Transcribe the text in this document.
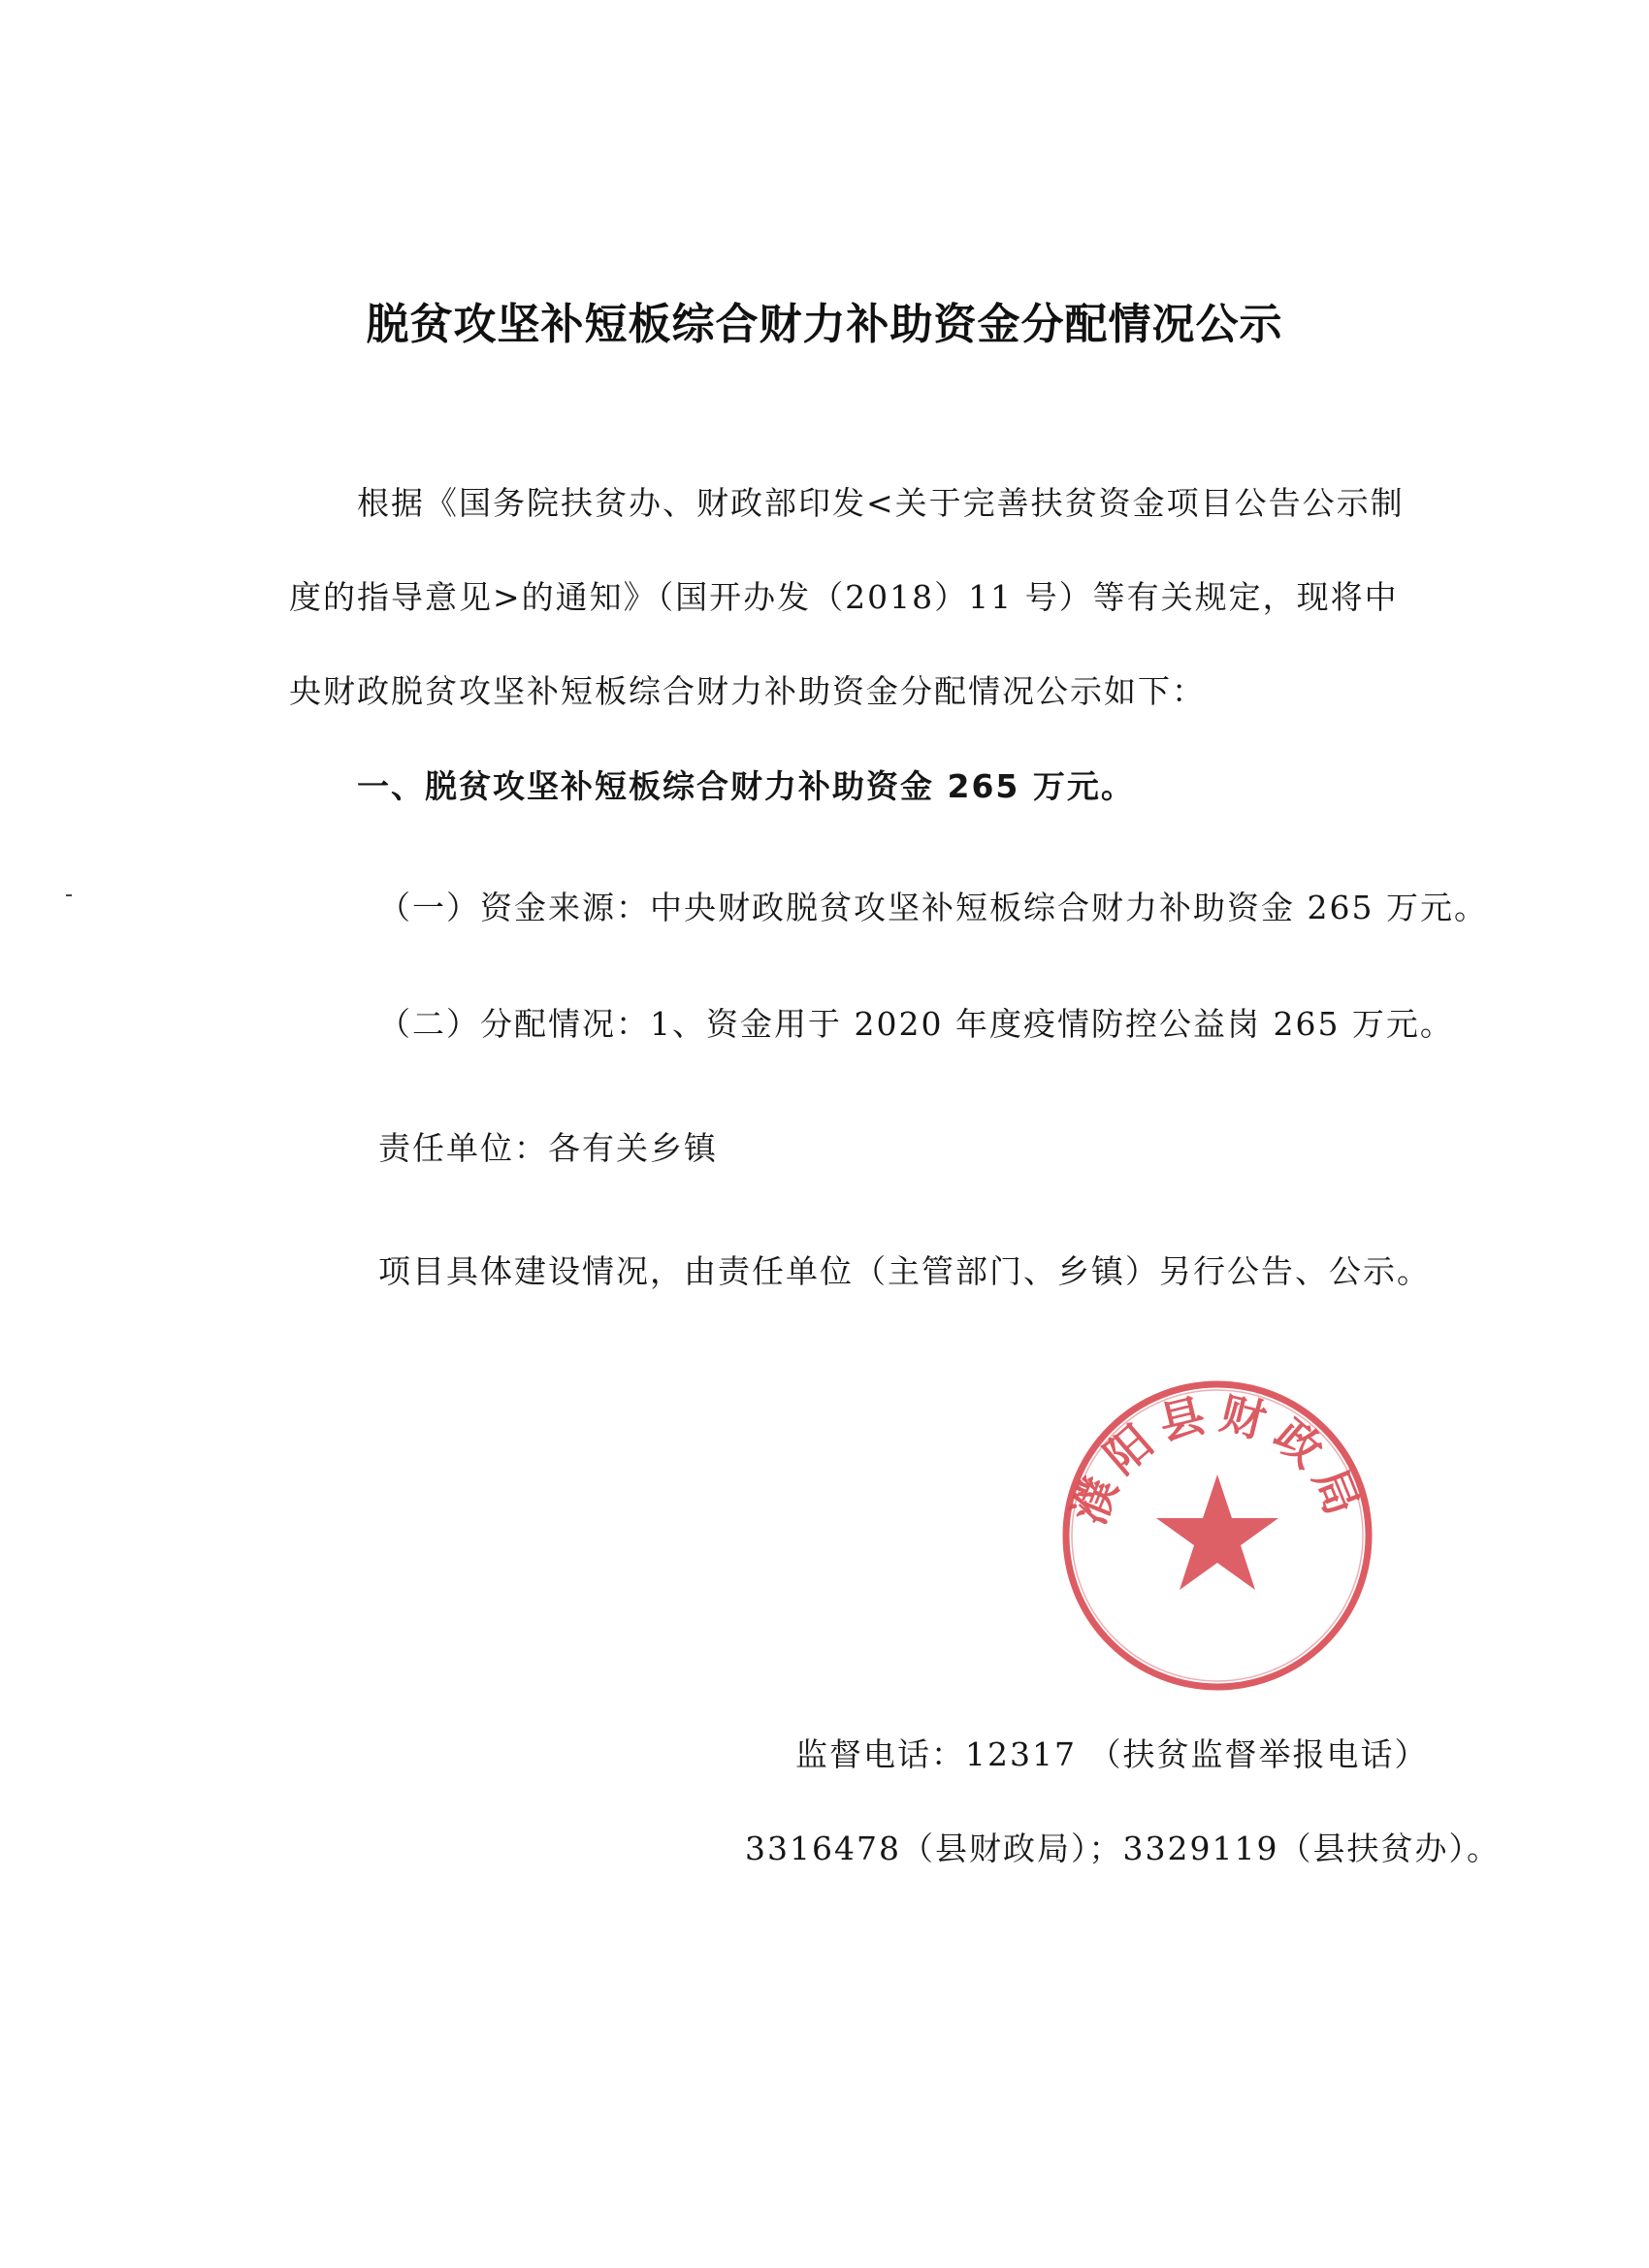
脱贫攻坚补短板综合财力补助资金分配情况公示

根据《国务院扶贫办、财政部印发<关于完善扶贫资金项目公告公示制度的指导意见>的通知》（国开办发（2018）11 号）等有关规定，现将中央财政脱贫攻坚补短板综合财力补助资金分配情况公示如下：

一、脱贫攻坚补短板综合财力补助资金 265 万元。

（一）资金来源：中央财政脱贫攻坚补短板综合财力补助资金 265 万元。

（二）分配情况：1、资金用于 2020 年度疫情防控公益岗 265 万元。

责任单位：各有关乡镇

项目具体建设情况，由责任单位（主管部门、乡镇）另行公告、公示。

濮阳县财政局

监督电话：12317 （扶贫监督举报电话）

3316478（县财政局）；3329119（县扶贫办）。
